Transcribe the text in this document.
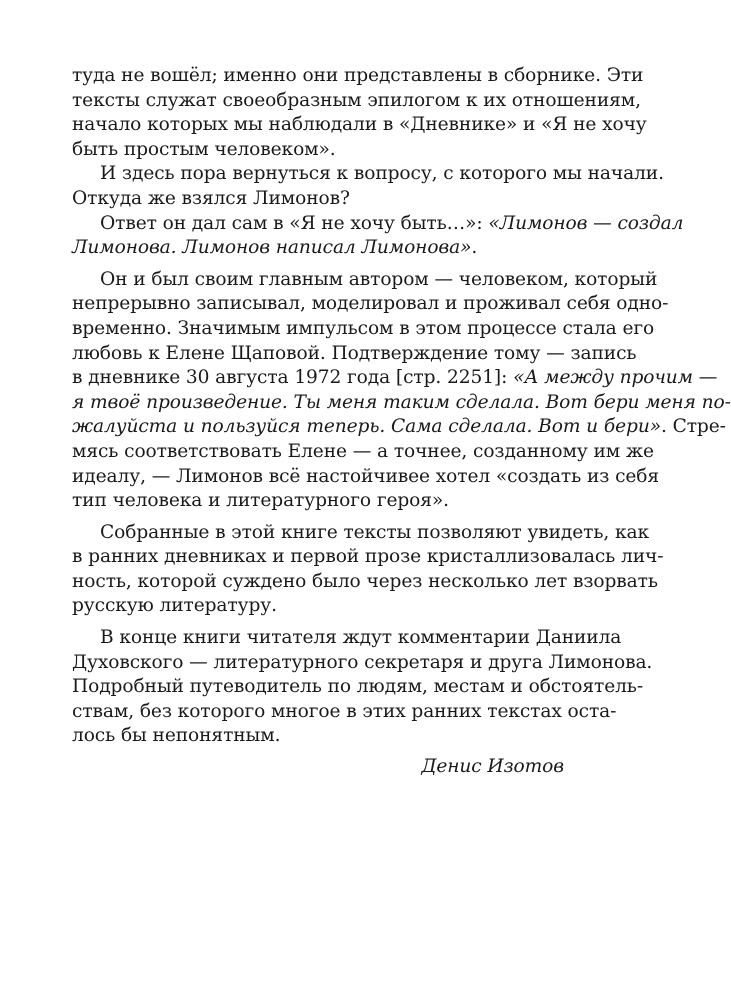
туда не вошёл; именно они представлены в сборнике. Эти
тексты служат своеобразным эпилогом к их отношениям,
начало которых мы наблюдали в «Дневнике» и «Я не хочу
быть простым человеком».
И здесь пора вернуться к вопросу, с которого мы начали.
Откуда же взялся Лимонов?
Ответ он дал сам в «Я не хочу быть…»: «Лимонов — создал
Лимонова. Лимонов написал Лимонова».
Он и был своим главным автором — человеком, который
непрерывно записывал, моделировал и проживал себя одно-
временно. Значимым импульсом в этом процессе стала его
любовь к Елене Щаповой. Подтверждение тому — запись
в дневнике 30 августа 1972 года [стр. 2251]: «А между прочим —
я твоё произведение. Ты меня таким сделала. Вот бери меня по-
жалуйста и пользуйся теперь. Сама сделала. Вот и бери». Стре-
мясь соответствовать Елене — а точнее, созданному им же
идеалу, — Лимонов всё настойчивее хотел «создать из себя
тип человека и литературного героя».
Собранные в этой книге тексты позволяют увидеть, как
в ранних дневниках и первой прозе кристаллизовалась лич-
ность, которой суждено было через несколько лет взорвать
русскую литературу.
В конце книги читателя ждут комментарии Даниила
Духовского — литературного секретаря и друга Лимонова.
Подробный путеводитель по людям, местам и обстоятель-
ствам, без которого многое в этих ранних текстах оста-
лось бы непонятным.
Денис Изотов
